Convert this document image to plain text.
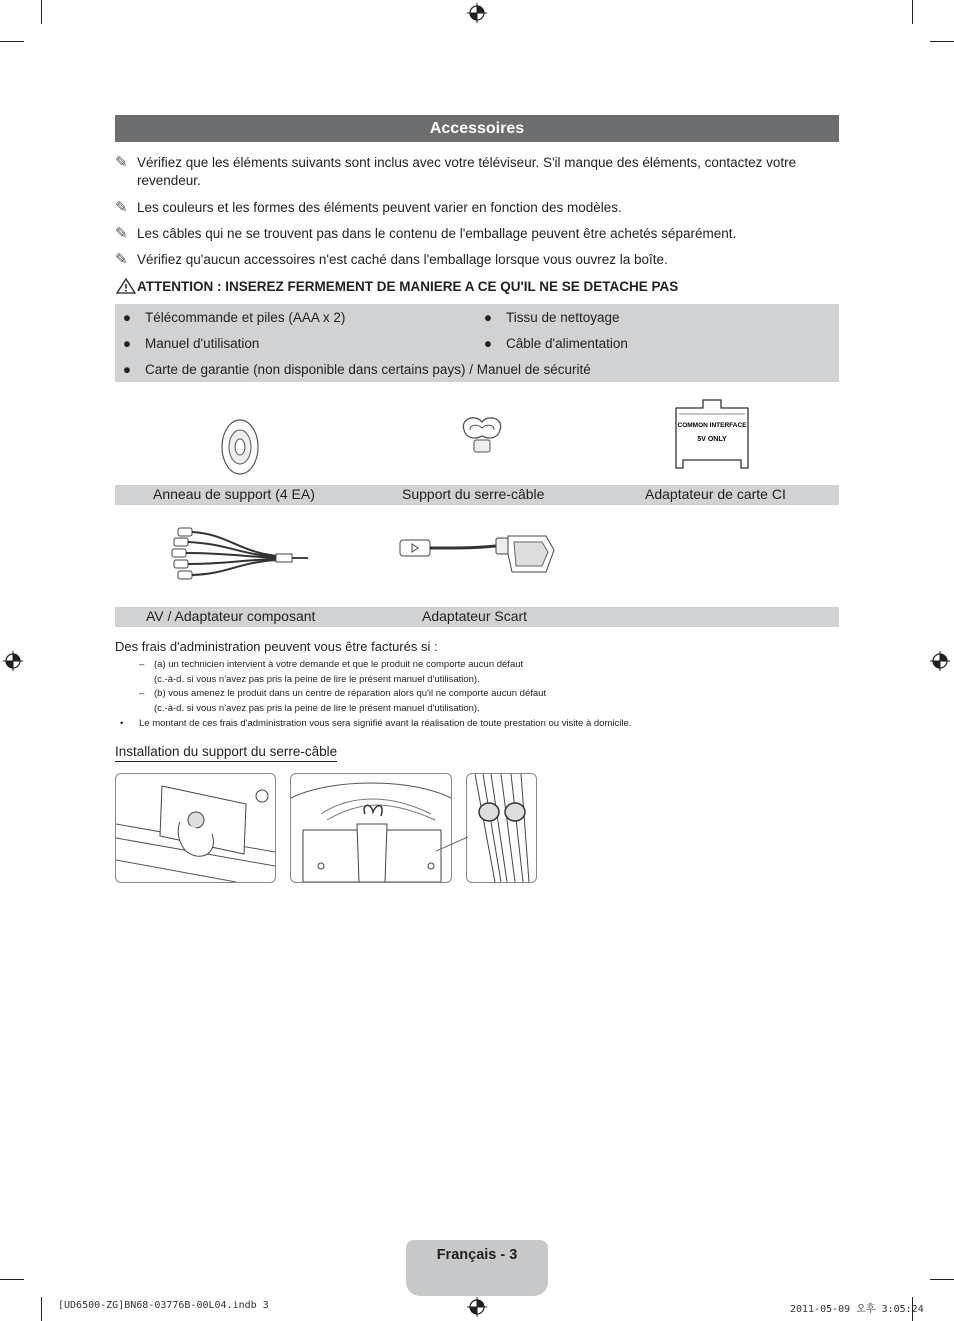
Accessoires
✎ Vérifiez que les éléments suivants sont inclus avec votre téléviseur. S'il manque des éléments, contactez votre revendeur.
✎ Les couleurs et les formes des éléments peuvent varier en fonction des modèles.
✎ Les câbles qui ne se trouvent pas dans le contenu de l'emballage peuvent être achetés séparément.
✎ Vérifiez qu'aucun accessoires n'est caché dans l'emballage lorsque vous ouvrez la boîte.
ATTENTION : INSEREZ FERMEMENT DE MANIERE A CE QU'IL NE SE DETACHE PAS
● Télécommande et piles (AAA x 2)	● Tissu de nettoyage
● Manuel d'utilisation	● Câble d'alimentation
● Carte de garantie (non disponible dans certains pays) / Manuel de sécurité
COMMON INTERFACE
5V ONLY
Anneau de support (4 EA)	Support du serre-câble	Adaptateur de carte CI
AV / Adaptateur composant	Adaptateur Scart
Des frais d'administration peuvent vous être facturés si :
– (a) un technicien intervient à votre demande et que le produit ne comporte aucun défaut
(c.-à-d. si vous n'avez pas pris la peine de lire le présent manuel d'utilisation).
– (b) vous amenez le produit dans un centre de réparation alors qu'il ne comporte aucun défaut
(c.-à-d. si vous n'avez pas pris la peine de lire le présent manuel d'utilisation).
• Le montant de ces frais d'administration vous sera signifié avant la réalisation de toute prestation ou visite à domicile.
Installation du support du serre-câble
Français - 3
[UD6500-ZG]BN68-03776B-00L04.indb 3	2011-05-09 오후 3:05:24
